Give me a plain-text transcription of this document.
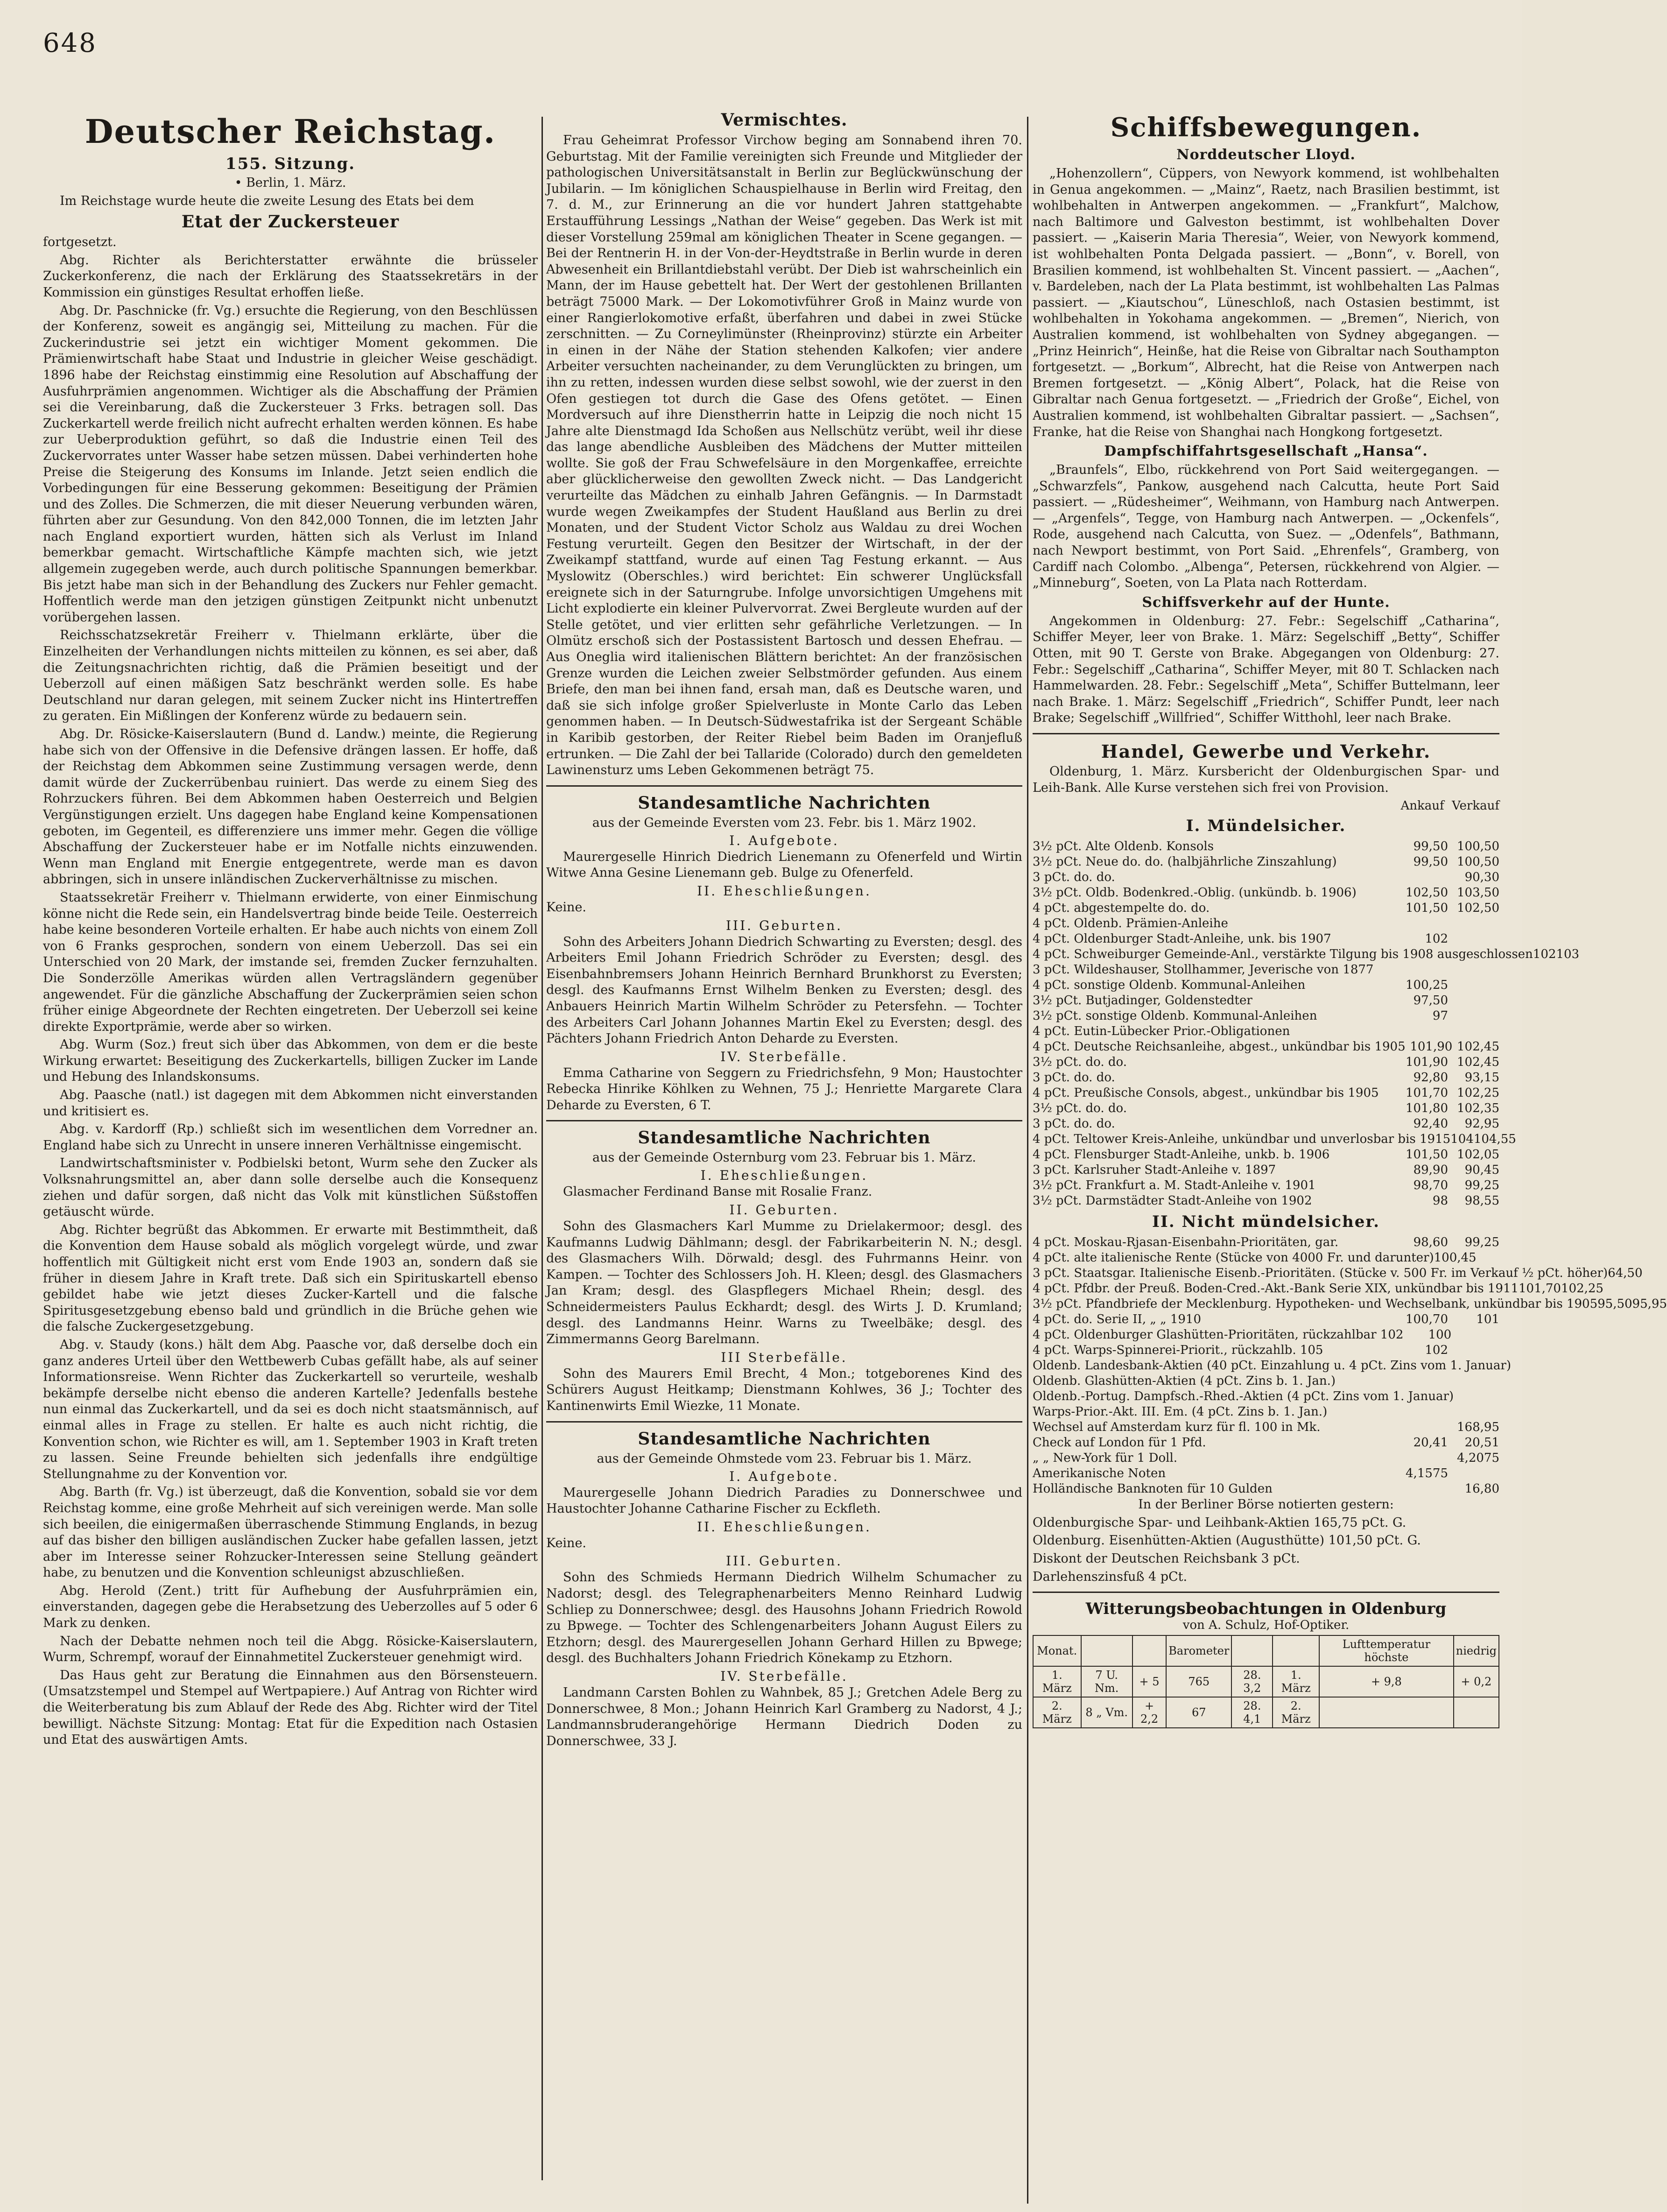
648
Deutscher Reichstag.
155. Sitzung.

• Berlin, 1. März.

Im Reichstage wurde heute die zweite Lesung des Etats bei dem

Etat der Zuckersteuer

fortgesetzt.

Abg. Richter als Berichterstatter erwähnte die brüsseler Zuckerkonferenz, die nach der Erklärung des Staatssekretärs in der Kommission ein günstiges Resultat erhoffen ließe.

Abg. Dr. Paschnicke (fr. Vg.) ersuchte die Regierung, von den Beschlüssen der Konferenz, soweit es angängig sei, Mitteilung zu machen. Für die Zuckerindustrie sei jetzt ein wichtiger Moment gekommen. Die Prämienwirtschaft habe Staat und Industrie in gleicher Weise geschädigt. 1896 habe der Reichstag einstimmig eine Resolution auf Abschaffung der Ausfuhrprämien angenommen. Wichtiger als die Abschaffung der Prämien sei die Vereinbarung, daß die Zuckersteuer 3 Frks. betragen soll. Das Zuckerkartell werde freilich nicht aufrecht erhalten werden können. Es habe zur Ueberproduktion geführt, so daß die Industrie einen Teil des Zuckervorrates unter Wasser habe setzen müssen. Dabei verhinderten hohe Preise die Steigerung des Konsums im Inlande. Jetzt seien endlich die Vorbedingungen für eine Besserung gekommen: Beseitigung der Prämien und des Zolles. Die Schmerzen, die mit dieser Neuerung verbunden wären, führten aber zur Gesundung. Von den 842,000 Tonnen, die im letzten Jahr nach England exportiert wurden, hätten sich als Verlust im Inland bemerkbar gemacht. Wirtschaftliche Kämpfe machten sich, wie jetzt allgemein zugegeben werde, auch durch politische Spannungen bemerkbar. Bis jetzt habe man sich in der Behandlung des Zuckers nur Fehler gemacht. Hoffentlich werde man den jetzigen günstigen Zeitpunkt nicht unbenutzt vorübergehen lassen.

Reichsschatzsekretär Freiherr v. Thielmann erklärte, über die Einzelheiten der Verhandlungen nichts mitteilen zu können, es sei aber, daß die Zeitungsnachrichten richtig, daß die Prämien beseitigt und der Ueberzoll auf einen mäßigen Satz beschränkt werden solle. Es habe Deutschland nur daran gelegen, mit seinem Zucker nicht ins Hintertreffen zu geraten. Ein Mißlingen der Konferenz würde zu bedauern sein.

Abg. Dr. Rösicke-Kaiserslautern (Bund d. Landw.) meinte, die Regierung habe sich von der Offensive in die Defensive drängen lassen. Er hoffe, daß der Reichstag dem Abkommen seine Zustimmung versagen werde, denn damit würde der Zuckerrübenbau ruiniert. Das werde zu einem Sieg des Rohrzuckers führen. Bei dem Abkommen haben Oesterreich und Belgien Vergünstigungen erzielt. Uns dagegen habe England keine Kompensationen geboten, im Gegenteil, es differenziere uns immer mehr. Gegen die völlige Abschaffung der Zuckersteuer habe er im Notfalle nichts einzuwenden. Wenn man England mit Energie entgegentrete, werde man es davon abbringen, sich in unsere inländischen Zuckerverhältnisse zu mischen.

Staatssekretär Freiherr v. Thielmann erwiderte, von einer Einmischung könne nicht die Rede sein, ein Handelsvertrag binde beide Teile. Oesterreich habe keine besonderen Vorteile erhalten. Er habe auch nichts von einem Zoll von 6 Franks gesprochen, sondern von einem Ueberzoll. Das sei ein Unterschied von 20 Mark, der imstande sei, fremden Zucker fernzuhalten. Die Sonderzölle Amerikas würden allen Vertragsländern gegenüber angewendet. Für die gänzliche Abschaffung der Zuckerprämien seien schon früher einige Abgeordnete der Rechten eingetreten. Der Ueberzoll sei keine direkte Exportprämie, werde aber so wirken.

Abg. Wurm (Soz.) freut sich über das Abkommen, von dem er die beste Wirkung erwartet: Beseitigung des Zuckerkartells, billigen Zucker im Lande und Hebung des Inlandskonsums.

Abg. Paasche (natl.) ist dagegen mit dem Abkommen nicht einverstanden und kritisiert es.

Abg. v. Kardorff (Rp.) schließt sich im wesentlichen dem Vorredner an. England habe sich zu Unrecht in unsere inneren Verhältnisse eingemischt.

Landwirtschaftsminister v. Podbielski betont, Wurm sehe den Zucker als Volksnahrungsmittel an, aber dann solle derselbe auch die Konsequenz ziehen und dafür sorgen, daß nicht das Volk mit künstlichen Süßstoffen getäuscht würde.

Abg. Richter begrüßt das Abkommen. Er erwarte mit Bestimmtheit, daß die Konvention dem Hause sobald als möglich vorgelegt würde, und zwar hoffentlich mit Gültigkeit nicht erst vom Ende 1903 an, sondern daß sie früher in diesem Jahre in Kraft trete. Daß sich ein Spirituskartell ebenso gebildet habe wie jetzt dieses Zucker-Kartell und die falsche Spiritusgesetzgebung ebenso bald und gründlich in die Brüche gehen wie die falsche Zuckergesetzgebung.

Abg. v. Staudy (kons.) hält dem Abg. Paasche vor, daß derselbe doch ein ganz anderes Urteil über den Wettbewerb Cubas gefällt habe, als auf seiner Informationsreise. Wenn Richter das Zuckerkartell so verurteile, weshalb bekämpfe derselbe nicht ebenso die anderen Kartelle? Jedenfalls bestehe nun einmal das Zuckerkartell, und da sei es doch nicht staatsmännisch, auf einmal alles in Frage zu stellen. Er halte es auch nicht richtig, die Konvention schon, wie Richter es will, am 1. September 1903 in Kraft treten zu lassen. Seine Freunde behielten sich jedenfalls ihre endgültige Stellungnahme zu der Konvention vor.

Abg. Barth (fr. Vg.) ist überzeugt, daß die Konvention, sobald sie vor dem Reichstag komme, eine große Mehrheit auf sich vereinigen werde. Man solle sich beeilen, die einigermaßen überraschende Stimmung Englands, in bezug auf das bisher den billigen ausländischen Zucker habe gefallen lassen, jetzt aber im Interesse seiner Rohzucker-Interessen seine Stellung geändert habe, zu benutzen und die Konvention schleunigst abzuschließen.

Abg. Herold (Zent.) tritt für Aufhebung der Ausfuhrprämien ein, einverstanden, dagegen gebe die Herabsetzung des Ueberzolles auf 5 oder 6 Mark zu denken.

Nach der Debatte nehmen noch teil die Abgg. Rösicke-Kaiserslautern, Wurm, Schrempf, worauf der Einnahmetitel Zuckersteuer genehmigt wird.

Das Haus geht zur Beratung die Einnahmen aus den Börsensteuern. (Umsatzstempel und Stempel auf Wertpapiere.) Auf Antrag von Richter wird die Weiterberatung bis zum Ablauf der Rede des Abg. Richter wird der Titel bewilligt. Nächste Sitzung: Montag: Etat für die Expedition nach Ostasien und Etat des auswärtigen Amts.

Vermischtes.

Frau Geheimrat Professor Virchow beging am Sonnabend ihren 70. Geburtstag. Mit der Familie vereinigten sich Freunde und Mitglieder der pathologischen Universitätsanstalt in Berlin zur Beglückwünschung der Jubilarin. — Im königlichen Schauspielhause in Berlin wird Freitag, den 7. d. M., zur Erinnerung an die vor hundert Jahren stattgehabte Erstaufführung Lessings „Nathan der Weise“ gegeben. Das Werk ist mit dieser Vorstellung 259mal am königlichen Theater in Scene gegangen. — Bei der Rentnerin H. in der Von-der-Heydtstraße in Berlin wurde in deren Abwesenheit ein Brillantdiebstahl verübt. Der Dieb ist wahrscheinlich ein Mann, der im Hause gebettelt hat. Der Wert der gestohlenen Brillanten beträgt 75000 Mark. — Der Lokomotivführer Groß in Mainz wurde von einer Rangierlokomotive erfaßt, überfahren und dabei in zwei Stücke zerschnitten. — Zu Corneylimünster (Rheinprovinz) stürzte ein Arbeiter in einen in der Nähe der Station stehenden Kalkofen; vier andere Arbeiter versuchten nacheinander, zu dem Verunglückten zu bringen, um ihn zu retten, indessen wurden diese selbst sowohl, wie der zuerst in den Ofen gestiegen tot durch die Gase des Ofens getötet. — Einen Mordversuch auf ihre Dienstherrin hatte in Leipzig die noch nicht 15 Jahre alte Dienstmagd Ida Schoßen aus Nellschütz verübt, weil ihr diese das lange abendliche Ausbleiben des Mädchens der Mutter mitteilen wollte. Sie goß der Frau Schwefelsäure in den Morgenkaffee, erreichte aber glücklicherweise den gewollten Zweck nicht. — Das Landgericht verurteilte das Mädchen zu einhalb Jahren Gefängnis. — In Darmstadt wurde wegen Zweikampfes der Student Haußland aus Berlin zu drei Monaten, und der Student Victor Scholz aus Waldau zu drei Wochen Festung verurteilt. Gegen den Besitzer der Wirtschaft, in der der Zweikampf stattfand, wurde auf einen Tag Festung erkannt. — Aus Myslowitz (Oberschles.) wird berichtet: Ein schwerer Unglücksfall ereignete sich in der Saturngrube. Infolge unvorsichtigen Umgehens mit Licht explodierte ein kleiner Pulvervorrat. Zwei Bergleute wurden auf der Stelle getötet, und vier erlitten sehr gefährliche Verletzungen. — In Olmütz erschoß sich der Postassistent Bartosch und dessen Ehefrau. — Aus Oneglia wird italienischen Blättern berichtet: An der französischen Grenze wurden die Leichen zweier Selbstmörder gefunden. Aus einem Briefe, den man bei ihnen fand, ersah man, daß es Deutsche waren, und daß sie sich infolge großer Spielverluste in Monte Carlo das Leben genommen haben. — In Deutsch-Südwestafrika ist der Sergeant Schäble in Karibib gestorben, der Reiter Riebel beim Baden im Oranjefluß ertrunken. — Die Zahl der bei Tallaride (Colorado) durch den gemeldeten Lawinensturz ums Leben Gekommenen beträgt 75.

Standesamtliche Nachrichten
aus der Gemeinde Eversten vom 23. Febr. bis 1. März 1902.
I. Aufgebote.

Maurergeselle Hinrich Diedrich Lienemann zu Ofenerfeld und Wirtin Witwe Anna Gesine Lienemann geb. Bulge zu Ofenerfeld.

II. Eheschließungen.

Keine.

III. Geburten.

Sohn des Arbeiters Johann Diedrich Schwarting zu Eversten; desgl. des Arbeiters Emil Johann Friedrich Schröder zu Eversten; desgl. des Eisenbahnbremsers Johann Heinrich Bernhard Brunkhorst zu Eversten; desgl. des Kaufmanns Ernst Wilhelm Benken zu Eversten; desgl. des Anbauers Heinrich Martin Wilhelm Schröder zu Petersfehn. — Tochter des Arbeiters Carl Johann Johannes Martin Ekel zu Eversten; desgl. des Pächters Johann Friedrich Anton Deharde zu Eversten.

IV. Sterbefälle.

Emma Catharine von Seggern zu Friedrichsfehn, 9 Mon; Haustochter Rebecka Hinrike Köhlken zu Wehnen, 75 J.; Henriette Margarete Clara Deharde zu Eversten, 6 T.

Standesamtliche Nachrichten
aus der Gemeinde Osternburg vom 23. Februar bis 1. März.
I. Eheschließungen.

Glasmacher Ferdinand Banse mit Rosalie Franz.

II. Geburten.

Sohn des Glasmachers Karl Mumme zu Drielakermoor; desgl. des Kaufmanns Ludwig Dählmann; desgl. der Fabrikarbeiterin N. N.; desgl. des Glasmachers Wilh. Dörwald; desgl. des Fuhrmanns Heinr. von Kampen. — Tochter des Schlossers Joh. H. Kleen; desgl. des Glasmachers Jan Kram; desgl. des Glaspflegers Michael Rhein; desgl. des Schneidermeisters Paulus Eckhardt; desgl. des Wirts J. D. Krumland; desgl. des Landmanns Heinr. Warns zu Tweelbäke; desgl. des Zimmermanns Georg Barelmann.

III Sterbefälle.

Sohn des Maurers Emil Brecht, 4 Mon.; totgeborenes Kind des Schürers August Heitkamp; Dienstmann Kohlwes, 36 J.; Tochter des Kantinenwirts Emil Wiezke, 11 Monate.

Standesamtliche Nachrichten
aus der Gemeinde Ohmstede vom 23. Februar bis 1. März.
I. Aufgebote.

Maurergeselle Johann Diedrich Paradies zu Donnerschwee und Haustochter Johanne Catharine Fischer zu Eckfleth.

II. Eheschließungen.

Keine.

III. Geburten.

Sohn des Schmieds Hermann Diedrich Wilhelm Schumacher zu Nadorst; desgl. des Telegraphenarbeiters Menno Reinhard Ludwig Schliep zu Donnerschwee; desgl. des Hausohns Johann Friedrich Rowold zu Bpwege. — Tochter des Schlengenarbeiters Johann August Eilers zu Etzhorn; desgl. des Maurergesellen Johann Gerhard Hillen zu Bpwege; desgl. des Buchhalters Johann Friedrich Könekamp zu Etzhorn.

IV. Sterbefälle.

Landmann Carsten Bohlen zu Wahnbek, 85 J.; Gretchen Adele Berg zu Donnerschwee, 8 Mon.; Johann Heinrich Karl Gramberg zu Nadorst, 4 J.; Landmannsbruderangehörige Hermann Diedrich Doden zu Donnerschwee, 33 J.

Schiffsbewegungen.
Norddeutscher Lloyd.

„Hohenzollern“, Cüppers, von Newyork kommend, ist wohlbehalten in Genua angekommen. — „Mainz“, Raetz, nach Brasilien bestimmt, ist wohlbehalten in Antwerpen angekommen. — „Frankfurt“, Malchow, nach Baltimore und Galveston bestimmt, ist wohlbehalten Dover passiert. — „Kaiserin Maria Theresia“, Weier, von Newyork kommend, ist wohlbehalten Ponta Delgada passiert. — „Bonn“, v. Borell, von Brasilien kommend, ist wohlbehalten St. Vincent passiert. — „Aachen“, v. Bardeleben, nach der La Plata bestimmt, ist wohlbehalten Las Palmas passiert. — „Kiautschou“, Lüneschloß, nach Ostasien bestimmt, ist wohlbehalten in Yokohama angekommen. — „Bremen“, Nierich, von Australien kommend, ist wohlbehalten von Sydney abgegangen. — „Prinz Heinrich“, Heinße, hat die Reise von Gibraltar nach Southampton fortgesetzt. — „Borkum“, Albrecht, hat die Reise von Antwerpen nach Bremen fortgesetzt. — „König Albert“, Polack, hat die Reise von Gibraltar nach Genua fortgesetzt. — „Friedrich der Große“, Eichel, von Australien kommend, ist wohlbehalten Gibraltar passiert. — „Sachsen“, Franke, hat die Reise von Shanghai nach Hongkong fortgesetzt.

Dampfschiffahrtsgesellschaft „Hansa“.

„Braunfels“, Elbo, rückkehrend von Port Said weitergegangen. — „Schwarzfels“, Pankow, ausgehend nach Calcutta, heute Port Said passiert. — „Rüdesheimer“, Weihmann, von Hamburg nach Antwerpen. — „Argenfels“, Tegge, von Hamburg nach Antwerpen. — „Ockenfels“, Rode, ausgehend nach Calcutta, von Suez. — „Odenfels“, Bathmann, nach Newport bestimmt, von Port Said. „Ehrenfels“, Gramberg, von Cardiff nach Colombo. „Albenga“, Petersen, rückkehrend von Algier. — „Minneburg“, Soeten, von La Plata nach Rotterdam.

Schiffsverkehr auf der Hunte.

Angekommen in Oldenburg: 27. Febr.: Segelschiff „Catharina“, Schiffer Meyer, leer von Brake. 1. März: Segelschiff „Betty“, Schiffer Otten, mit 90 T. Gerste von Brake. Abgegangen von Oldenburg: 27. Febr.: Segelschiff „Catharina“, Schiffer Meyer, mit 80 T. Schlacken nach Hammelwarden. 28. Febr.: Segelschiff „Meta“, Schiffer Buttelmann, leer nach Brake. 1. März: Segelschiff „Friedrich“, Schiffer Pundt, leer nach Brake; Segelschiff „Willfried“, Schiffer Witthohl, leer nach Brake.

Handel, Gewerbe und Verkehr.

Oldenburg, 1. März. Kursbericht der Oldenburgischen Spar- und Leih-Bank. Alle Kurse verstehen sich frei von Provision.

Ankauf Verkauf
I. Mündelsicher.
3½ pCt. Alte Oldenb. Konsols	99,50 100,50
3½ pCt. Neue do. do. (halbjährliche Zinszahlung)	99,50 100,50
3 pCt. do. do.	90,30
3½ pCt. Oldb. Bodenkred.-Oblig. (unkündb. b. 1906)	102,50 103,50
4 pCt. abgestempelte do. do.	101,50 102,50
4 pCt. Oldenb. Prämien-Anleihe
4 pCt. Oldenburger Stadt-Anleihe, unk. bis 1907	102
4 pCt. Schweiburger Gemeinde-Anl., verstärkte Tilgung bis 1908 ausgeschlossen 102 103
3 pCt. Wildeshauser, Stollhammer, Jeverische von 1877
4 pCt. sonstige Oldenb. Kommunal-Anleihen	100,25
3½ pCt. Butjadinger, Goldenstedter	97,50
3½ pCt. sonstige Oldenb. Kommunal-Anleihen	97
4 pCt. Eutin-Lübecker Prior.-Obligationen
4 pCt. Deutsche Reichsanleihe, abgest., unkündbar bis 1905 101,90 102,45
3½ pCt. do. do.	101,90 102,45
3 pCt. do. do.	92,80	93,15
4 pCt. Preußische Consols, abgest., unkündbar bis 1905	101,70 102,25
3½ pCt. do. do.	101,80 102,35
3 pCt. do. do.	92,40	92,95
4 pCt. Teltower Kreis-Anleihe, unkündbar und unverlosbar bis 1915 104 104,55
4 pCt. Flensburger Stadt-Anleihe, unkb. b. 1906	101,50 102,05
3 pCt. Karlsruher Stadt-Anleihe v. 1897	89,90	90,45
3½ pCt. Frankfurt a. M. Stadt-Anleihe v. 1901	98,70	99,25
3½ pCt. Darmstädter Stadt-Anleihe von 1902	98	98,55
II. Nicht mündelsicher.
4 pCt. Moskau-Rjasan-Eisenbahn-Prioritäten, gar.	98,60	99,25
4 pCt. alte italienische Rente (Stücke von 4000 Fr. und darunter) 100,45
3 pCt. Staatsgar. Italienische Eisenb.-Prioritäten. (Stücke v. 500 Fr. im Verkauf ½ pCt. höher) 64,50
4 pCt. Pfdbr. der Preuß. Boden-Cred.-Akt.-Bank Serie XIX, unkündbar bis 1911 101,70 102,25
3½ pCt. Pfandbriefe der Mecklenburg. Hypotheken- und Wechselbank, unkündbar bis 1905 95,50 95,95
4 pCt. do. Serie II, „ „ 1910	100,70	101
4 pCt. Oldenburger Glashütten-Prioritäten, rückzahlbar 102	100
4 pCt. Warps-Spinnerei-Priorit., rückzahlb. 105	102
Oldenb. Landesbank-Aktien (40 pCt. Einzahlung u. 4 pCt. Zins vom 1. Januar)
Oldenb. Glashütten-Aktien (4 pCt. Zins b. 1. Jan.)
Oldenb.-Portug. Dampfsch.-Rhed.-Aktien (4 pCt. Zins vom 1. Januar)
Warps-Prior.-Akt. III. Em. (4 pCt. Zins b. 1. Jan.)
Wechsel auf Amsterdam kurz für fl. 100 in Mk.	168,95
Check auf London für 1 Pfd.	20,41	20,51
„ „ New-York für 1 Doll.	4,2075
Amerikanische Noten	4,1575
Holländische Banknoten für 10 Gulden	16,80

In der Berliner Börse notierten gestern:

Oldenburgische Spar- und Leihbank-Aktien 165,75 pCt. G.

Oldenburg. Eisenhütten-Aktien (Augusthütte) 101,50 pCt. G.

Diskont der Deutschen Reichsbank 3 pCt.

Darlehenszinsfuß 4 pCt.

Witterungsbeobachtungen in Oldenburg
von A. Schulz, Hof-Optiker.
Monat.			Barometer			Lufttemperatur höchste	niedrig
1. März	7 U. Nm.	+ 5	765	28. 3,2	1. März	+ 9,8	+ 0,2
2. März	8 „ Vm.	+ 2,2	67	28. 4,1	2. März		
